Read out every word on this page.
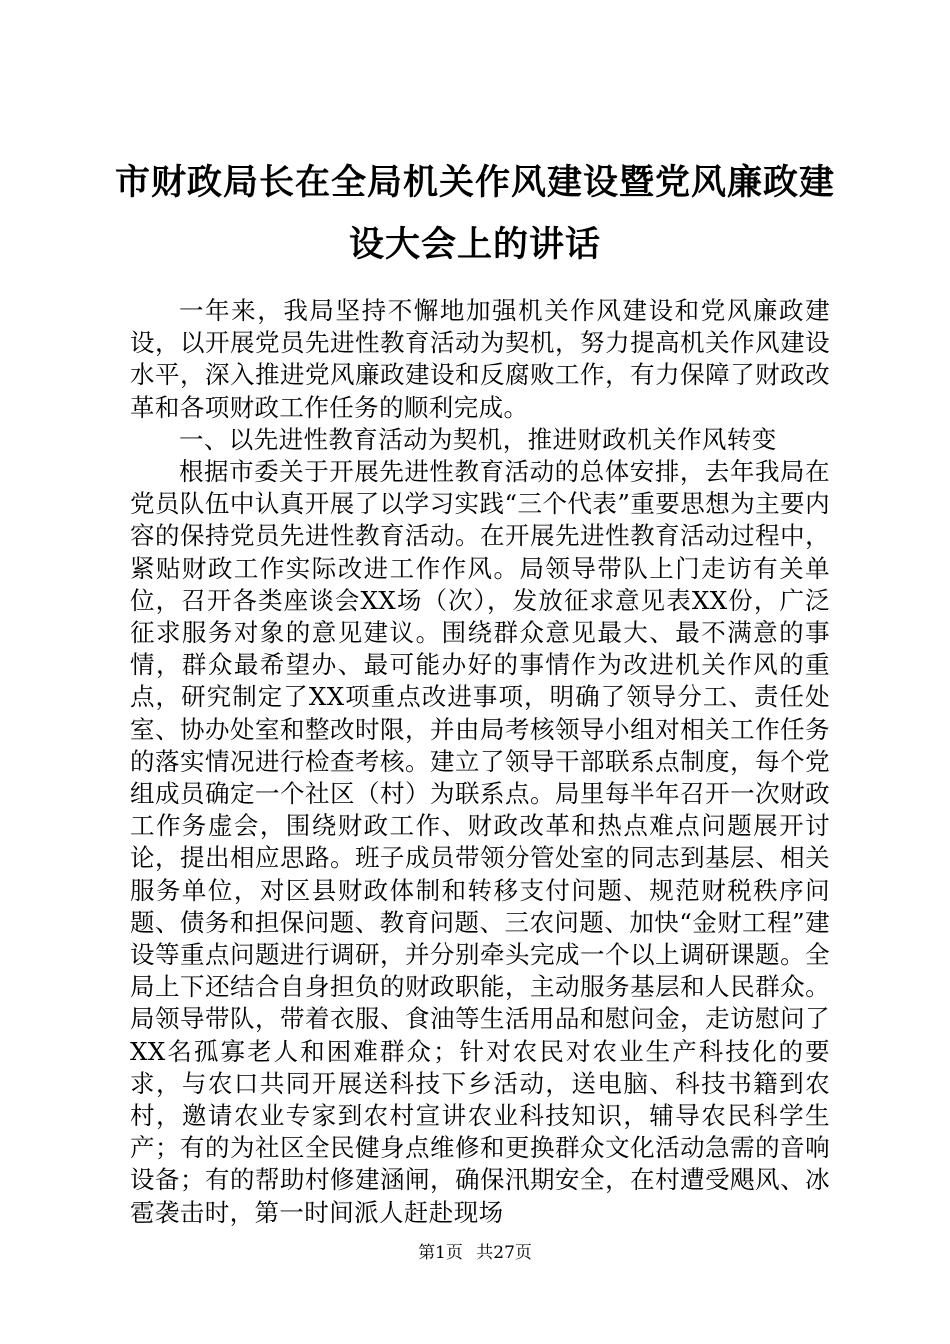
市财政局长在全局机关作风建设暨党风廉政建设大会上的讲话

一年来，我局坚持不懈地加强机关作风建设和党风廉政建设，以开展党员先进性教育活动为契机，努力提高机关作风建设水平，深入推进党风廉政建设和反腐败工作，有力保障了财政改革和各项财政工作任务的顺利完成。

一、以先进性教育活动为契机，推进财政机关作风转变

根据市委关于开展先进性教育活动的总体安排，去年我局在党员队伍中认真开展了以学习实践“三个代表”重要思想为主要内容的保持党员先进性教育活动。在开展先进性教育活动过程中，紧贴财政工作实际改进工作作风。局领导带队上门走访有关单位，召开各类座谈会XX场（次），发放征求意见表XX份，广泛征求服务对象的意见建议。围绕群众意见最大、最不满意的事情，群众最希望办、最可能办好的事情作为改进机关作风的重点，研究制定了XX项重点改进事项，明确了领导分工、责任处室、协办处室和整改时限，并由局考核领导小组对相关工作任务的落实情况进行检查考核。建立了领导干部联系点制度，每个党组成员确定一个社区（村）为联系点。局里每半年召开一次财政工作务虚会，围绕财政工作、财政改革和热点难点问题展开讨论，提出相应思路。班子成员带领分管处室的同志到基层、相关服务单位，对区县财政体制和转移支付问题、规范财税秩序问题、债务和担保问题、教育问题、三农问题、加快“金财工程”建设等重点问题进行调研，并分别牵头完成一个以上调研课题。全局上下还结合自身担负的财政职能，主动服务基层和人民群众。局领导带队，带着衣服、食油等生活用品和慰问金，走访慰问了XX名孤寡老人和困难群众；针对农民对农业生产科技化的要求，与农口共同开展送科技下乡活动，送电脑、科技书籍到农村，邀请农业专家到农村宣讲农业科技知识，辅导农民科学生产；有的为社区全民健身点维修和更换群众文化活动急需的音响设备；有的帮助村修建涵闸，确保汛期安全，在村遭受飓风、冰雹袭击时，第一时间派人赶赴现场

第1页 共27页
